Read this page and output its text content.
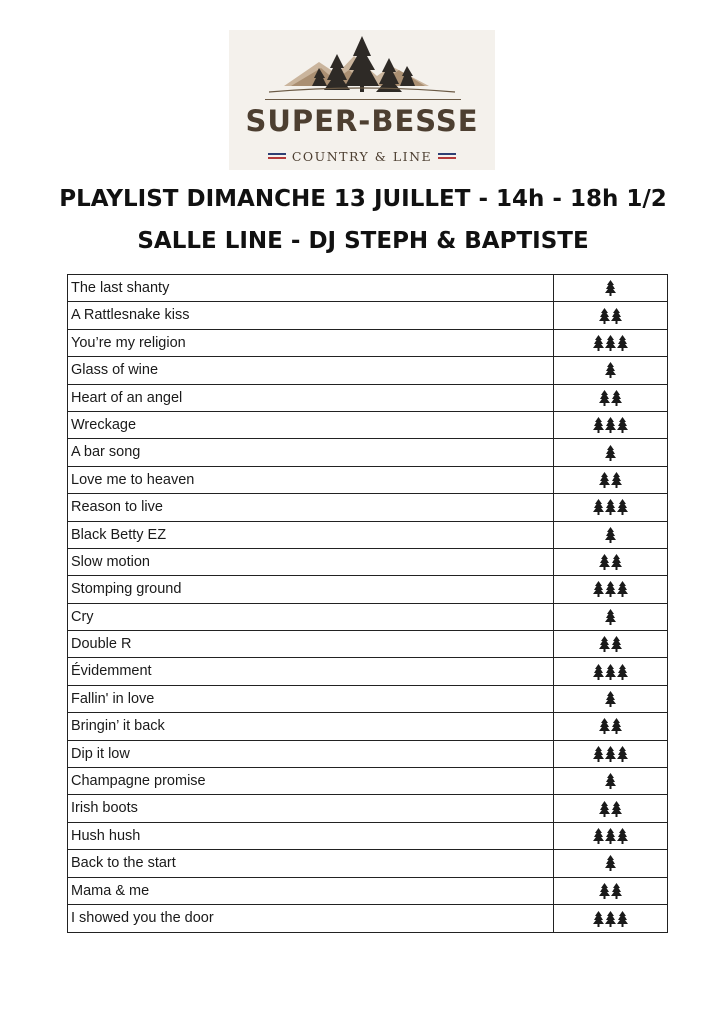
SUPER-BESSE
COUNTRY & LINE
PLAYLIST DIMANCHE 13 JUILLET - 14h - 18h 1/2
SALLE LINE - DJ STEPH & BAPTISTE
The last shanty
A Rattlesnake kiss
You’re my religion
Glass of wine
Heart of an angel
Wreckage
A bar song
Love me to heaven
Reason to live
Black Betty EZ
Slow motion
Stomping ground
Cry
Double R
Évidemment
Fallin' in love
Bringin’ it back
Dip it low
Champagne promise
Irish boots
Hush hush
Back to the start
Mama & me
I showed you the door
